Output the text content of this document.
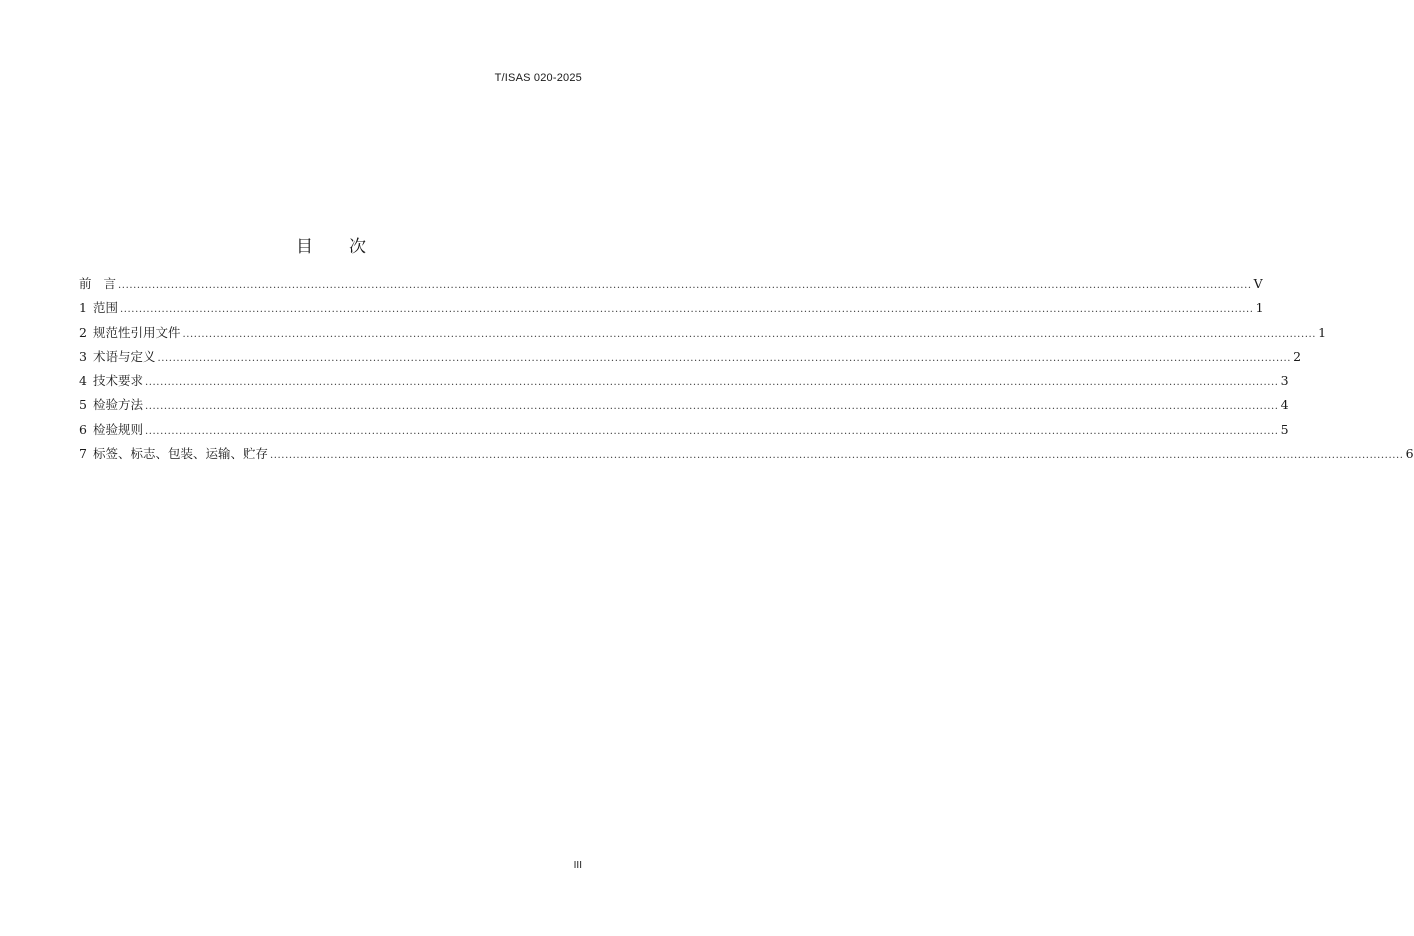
T/ISAS 020-2025
目 次
前言 ............................................................................................................................................................................................................................................................................................................ V
1 范围 ............................................................................................................................................................................................................................................................................................................ 1
2 规范性引用文件 ............................................................................................................................................................................................................................................................................................................ 1
3 术语与定义 ............................................................................................................................................................................................................................................................................................................ 2
4 技术要求 ............................................................................................................................................................................................................................................................................................................ 3
5 检验方法 ............................................................................................................................................................................................................................................................................................................ 4
6 检验规则 ............................................................................................................................................................................................................................................................................................................ 5
7 标签、标志、包装、运输、贮存 ............................................................................................................................................................................................................................................................................................................ 6
III
